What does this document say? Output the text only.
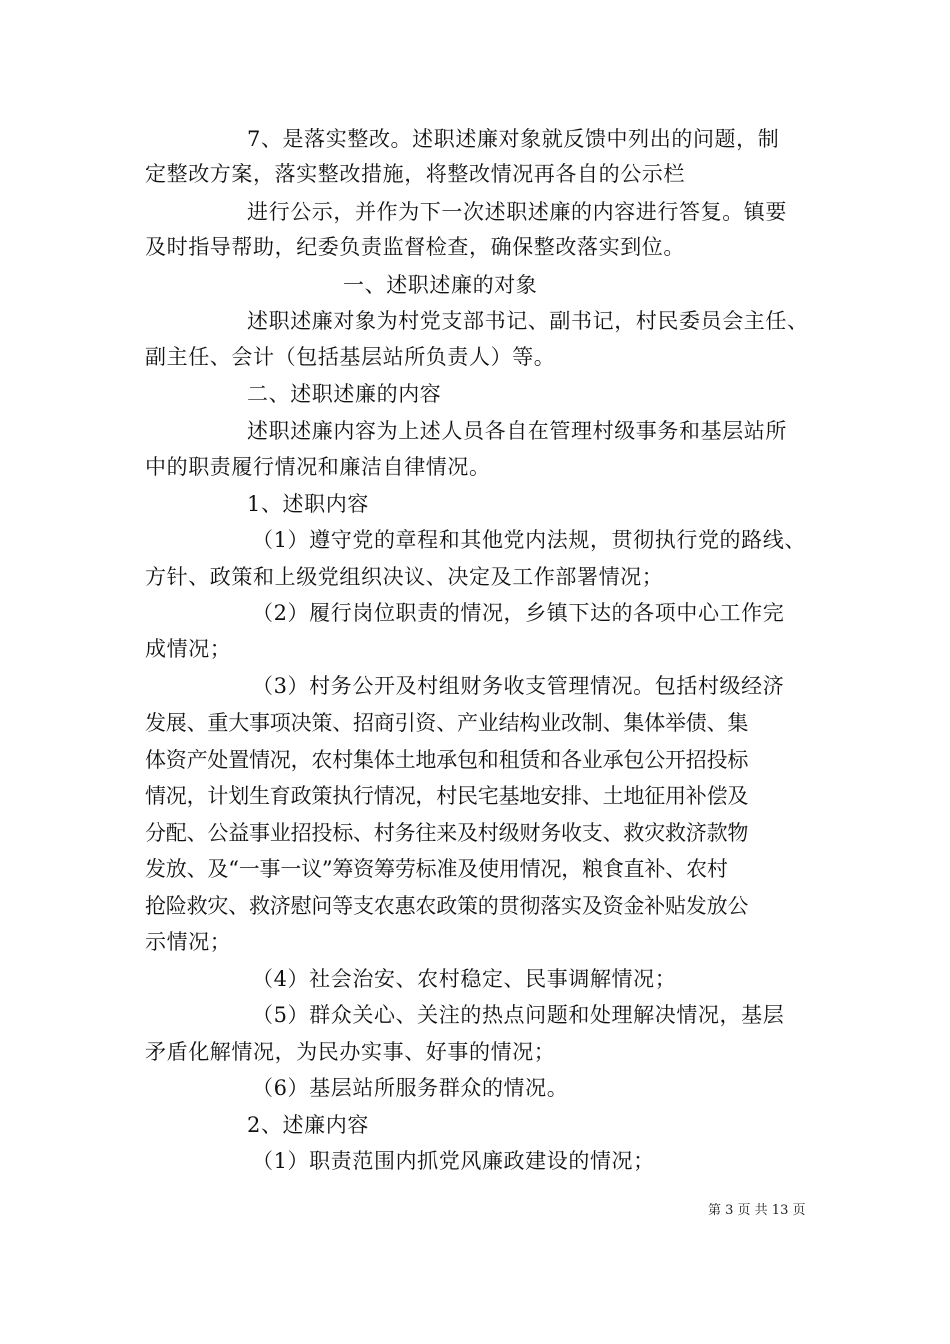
7、是落实整改。述职述廉对象就反馈中列出的问题，制
定整改方案，落实整改措施，将整改情况再各自的公示栏
进行公示，并作为下一次述职述廉的内容进行答复。镇要
及时指导帮助，纪委负责监督检查，确保整改落实到位。
一、述职述廉的对象
述职述廉对象为村党支部书记、副书记，村民委员会主任、
副主任、会计（包括基层站所负责人）等。
二、述职述廉的内容
述职述廉内容为上述人员各自在管理村级事务和基层站所
中的职责履行情况和廉洁自律情况。
1、述职内容
（1）遵守党的章程和其他党内法规，贯彻执行党的路线、
方针、政策和上级党组织决议、决定及工作部署情况；
（2）履行岗位职责的情况，乡镇下达的各项中心工作完
成情况；
（3）村务公开及村组财务收支管理情况。包括村级经济
发展、重大事项决策、招商引资、产业结构业改制、集体举债、集
体资产处置情况，农村集体土地承包和租赁和各业承包公开招投标
情况，计划生育政策执行情况，村民宅基地安排、土地征用补偿及
分配、公益事业招投标、村务往来及村级财务收支、救灾救济款物
发放、及“一事一议”筹资筹劳标准及使用情况，粮食直补、农村
抢险救灾、救济慰问等支农惠农政策的贯彻落实及资金补贴发放公
示情况；
（4）社会治安、农村稳定、民事调解情况；
（5）群众关心、关注的热点问题和处理解决情况，基层
矛盾化解情况，为民办实事、好事的情况；
（6）基层站所服务群众的情况。
2、述廉内容
（1）职责范围内抓党风廉政建设的情况；
第 3 页 共 13 页
